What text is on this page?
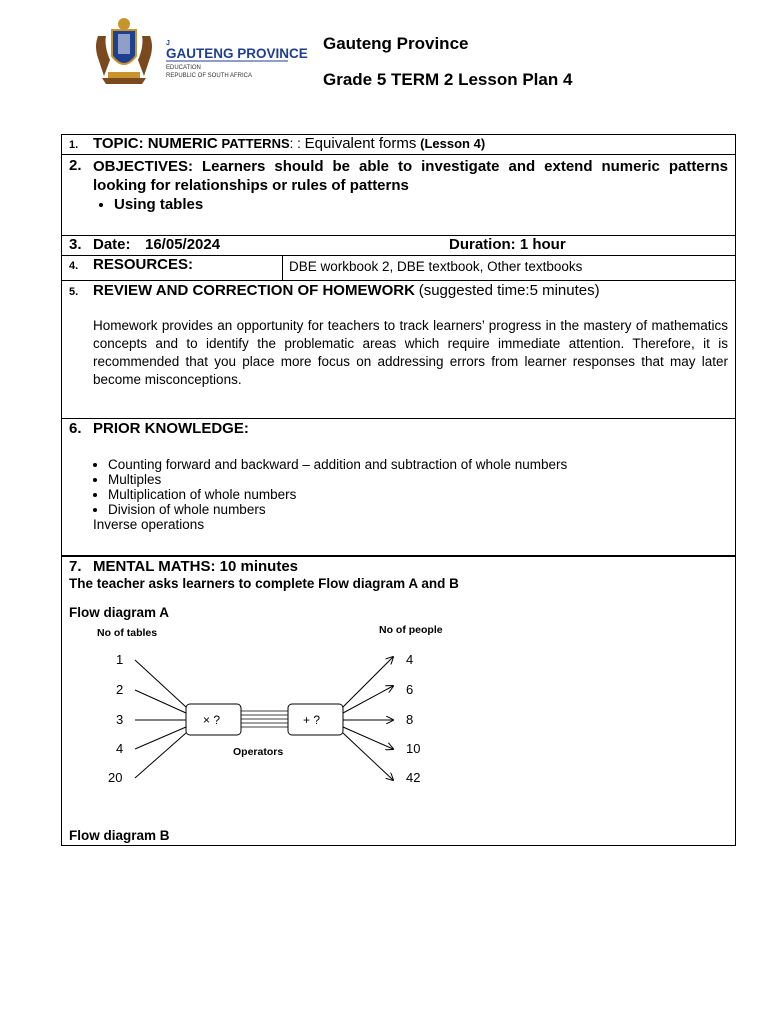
J
GAUTENG PROVINCE
EDUCATION
REPUBLIC OF SOUTH AFRICA
Gauteng Province
Grade 5 TERM 2 Lesson Plan 4
1. TOPIC: NUMERIC PATTERNS: : Equivalent forms (Lesson 4)

2. OBJECTIVES: Learners should be able to investigate and extend numeric patterns looking for relationships or rules of patterns

• Using tables

3. Date: 16/05/2024	Duration: 1 hour

4. RESOURCES:	DBE workbook 2, DBE textbook, Other textbooks

5. REVIEW AND CORRECTION OF HOMEWORK (suggested time:5 minutes)

Homework provides an opportunity for teachers to track learners’ progress in the mastery of mathematics concepts and to identify the problematic areas which require immediate attention. Therefore, it is recommended that you place more focus on addressing errors from learner responses that may later become misconceptions.

6. PRIOR KNOWLEDGE:
• Counting forward and backward – addition and subtraction of whole numbers
• Multiples
• Multiplication of whole numbers
• Division of whole numbers
Inverse operations

7. MENTAL MATHS: 10 minutes
The teacher asks learners to complete Flow diagram A and B
Flow diagram A
No of tables	No of people
1
2
3
4
20
× ?	+ ?
Operators
4
6
8
10
42
Flow diagram B
